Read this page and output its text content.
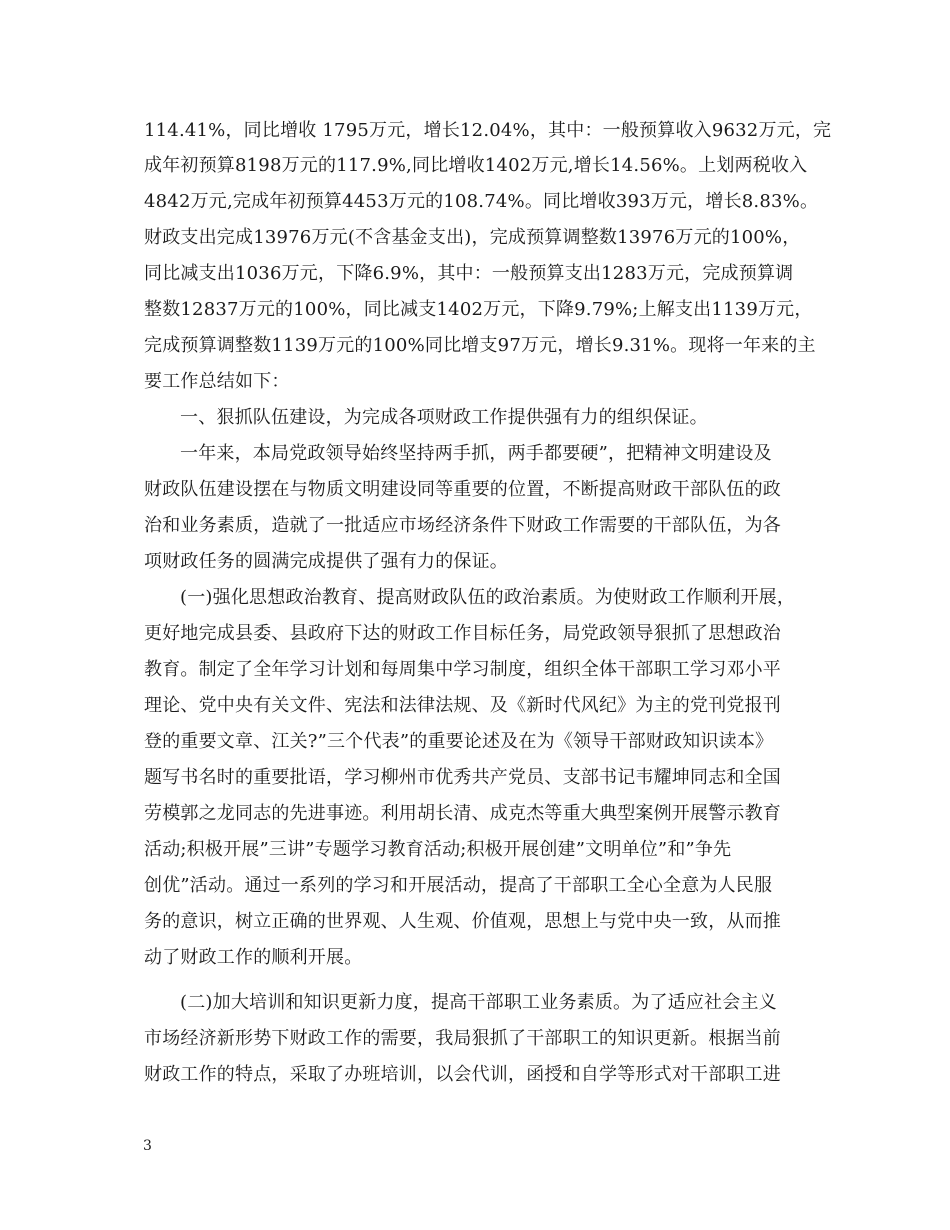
114.41%，同比增收 1795万元，增长12.04%，其中：一般预算收入9632万元，完
成年初预算8198万元的117.9%,同比增收1402万元,增长14.56%。上划两税收入
4842万元,完成年初预算4453万元的108.74%。同比增收393万元，增长8.83%。
财政支出完成13976万元(不含基金支出)，完成预算调整数13976万元的100%，
同比减支出1036万元，下降6.9%，其中：一般预算支出1283万元，完成预算调
整数12837万元的100%，同比减支1402万元，下降9.79%;上解支出1139万元，
完成预算调整数1139万元的100%同比增支97万元，增长9.31%。现将一年来的主
要工作总结如下：
一、狠抓队伍建设，为完成各项财政工作提供强有力的组织保证。
一年来，本局党政领导始终坚持两手抓，两手都要硬”，把精神文明建设及
财政队伍建设摆在与物质文明建设同等重要的位置，不断提高财政干部队伍的政
治和业务素质，造就了一批适应市场经济条件下财政工作需要的干部队伍，为各
项财政任务的圆满完成提供了强有力的保证。
(一)强化思想政治教育、提高财政队伍的政治素质。为使财政工作顺利开展，
更好地完成县委、县政府下达的财政工作目标任务，局党政领导狠抓了思想政治
教育。制定了全年学习计划和每周集中学习制度，组织全体干部职工学习邓小平
理论、党中央有关文件、宪法和法律法规、及《新时代风纪》为主的党刊党报刊
登的重要文章、江关?”三个代表”的重要论述及在为《领导干部财政知识读本》
题写书名时的重要批语，学习柳州市优秀共产党员、支部书记韦耀坤同志和全国
劳模郭之龙同志的先进事迹。利用胡长清、成克杰等重大典型案例开展警示教育
活动;积极开展”三讲”专题学习教育活动;积极开展创建”文明单位”和”争先
创优”活动。通过一系列的学习和开展活动，提高了干部职工全心全意为人民服
务的意识，树立正确的世界观、人生观、价值观，思想上与党中央一致，从而推
动了财政工作的顺利开展。
(二)加大培训和知识更新力度，提高干部职工业务素质。为了适应社会主义
市场经济新形势下财政工作的需要，我局狠抓了干部职工的知识更新。根据当前
财政工作的特点，采取了办班培训，以会代训，函授和自学等形式对干部职工进
3
